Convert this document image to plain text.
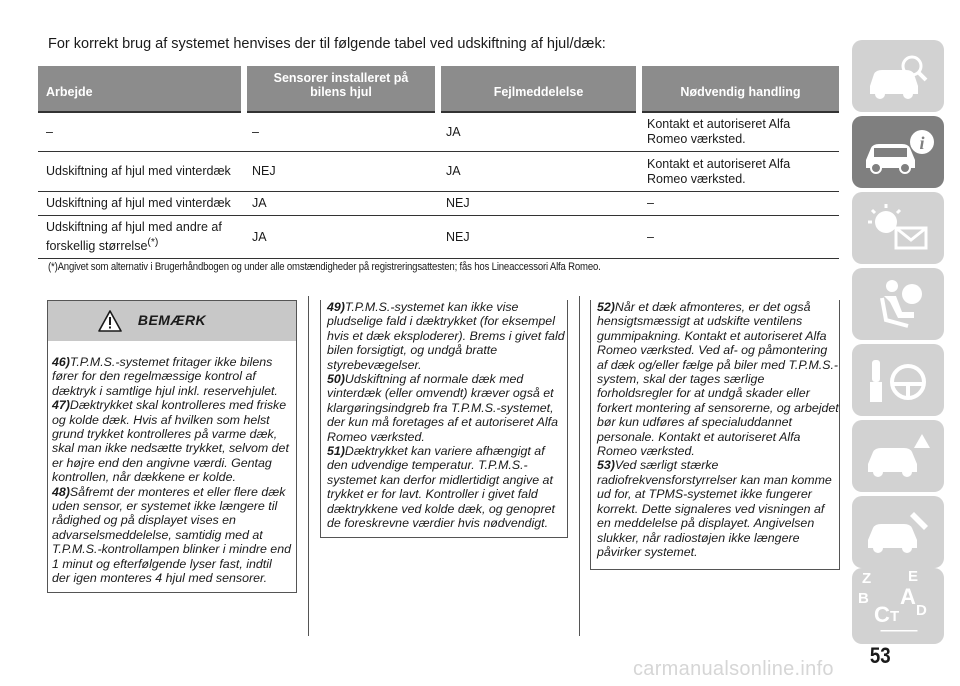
For korrekt brug af systemet henvises der til følgende tabel ved udskiftning af hjul/dæk:
Arbejde	Sensorer installeret på bilens hjul	Fejlmeddelelse	Nødvendig handling
–	–	JA	Kontakt et autoriseret Alfa Romeo værksted.
Udskiftning af hjul med vinterdæk	NEJ	JA	Kontakt et autoriseret Alfa Romeo værksted.
Udskiftning af hjul med vinterdæk	JA	NEJ	–
Udskiftning af hjul med andre af forskellig størrelse(*)	JA	NEJ	–
(*)Angivet som alternativ i Brugerhåndbogen og under alle omstændigheder på registreringsattesten; fås hos Lineaccessori Alfa Romeo.
BEMÆRK
46)T.P.M.S.-systemet fritager ikke bilens fører for den regelmæssige kontrol af dæktryk i samtlige hjul inkl. reservehjulet.
47)Dæktrykket skal kontrolleres med friske og kolde dæk. Hvis af hvilken som helst grund trykket kontrolleres på varme dæk, skal man ikke nedsætte trykket, selvom det er højre end den angivne værdi. Gentag kontrollen, når dækkene er kolde.
48)Såfremt der monteres et eller flere dæk uden sensor, er systemet ikke længere til rådighed og på displayet vises en advarselsmeddelelse, samtidig med at T.P.M.S.-kontrollampen blinker i mindre end 1 minut og efterfølgende lyser fast, indtil der igen monteres 4 hjul med sensorer.
49)T.P.M.S.-systemet kan ikke vise pludselige fald i dæktrykket (for eksempel hvis et dæk eksploderer). Brems i givet fald bilen forsigtigt, og undgå bratte styrebevægelser.
50)Udskiftning af normale dæk med vinterdæk (eller omvendt) kræver også et klargøringsindgreb fra T.P.M.S.-systemet, der kun må foretages af et autoriseret Alfa Romeo værksted.
51)Dæktrykket kan variere afhængigt af den udvendige temperatur. T.P.M.S.-systemet kan derfor midlertidigt angive at trykket er for lavt. Kontroller i givet fald dæktrykkene ved kolde dæk, og genopret de foreskrevne værdier hvis nødvendigt.
52)Når et dæk afmonteres, er det også hensigtsmæssigt at udskifte ventilens gummipakning. Kontakt et autoriseret Alfa Romeo værksted. Ved af- og påmontering af dæk og/eller fælge på biler med T.P.M.S.-system, skal der tages særlige forholdsregler for at undgå skader eller forkert montering af sensorerne, og arbejdet bør kun udføres af specialuddannet personale. Kontakt et autoriseret Alfa Romeo værksted.
53)Ved særligt stærke radiofrekvensforstyrrelser kan man komme ud for, at TPMS-systemet ikke fungerer korrekt. Dette signaleres ved visningen af en meddelelse på displayet. Angivelsen slukker, når radiostøjen ikke længere påvirker systemet.
i
Z E
B A
C T D
53
carmanualsonline.info
